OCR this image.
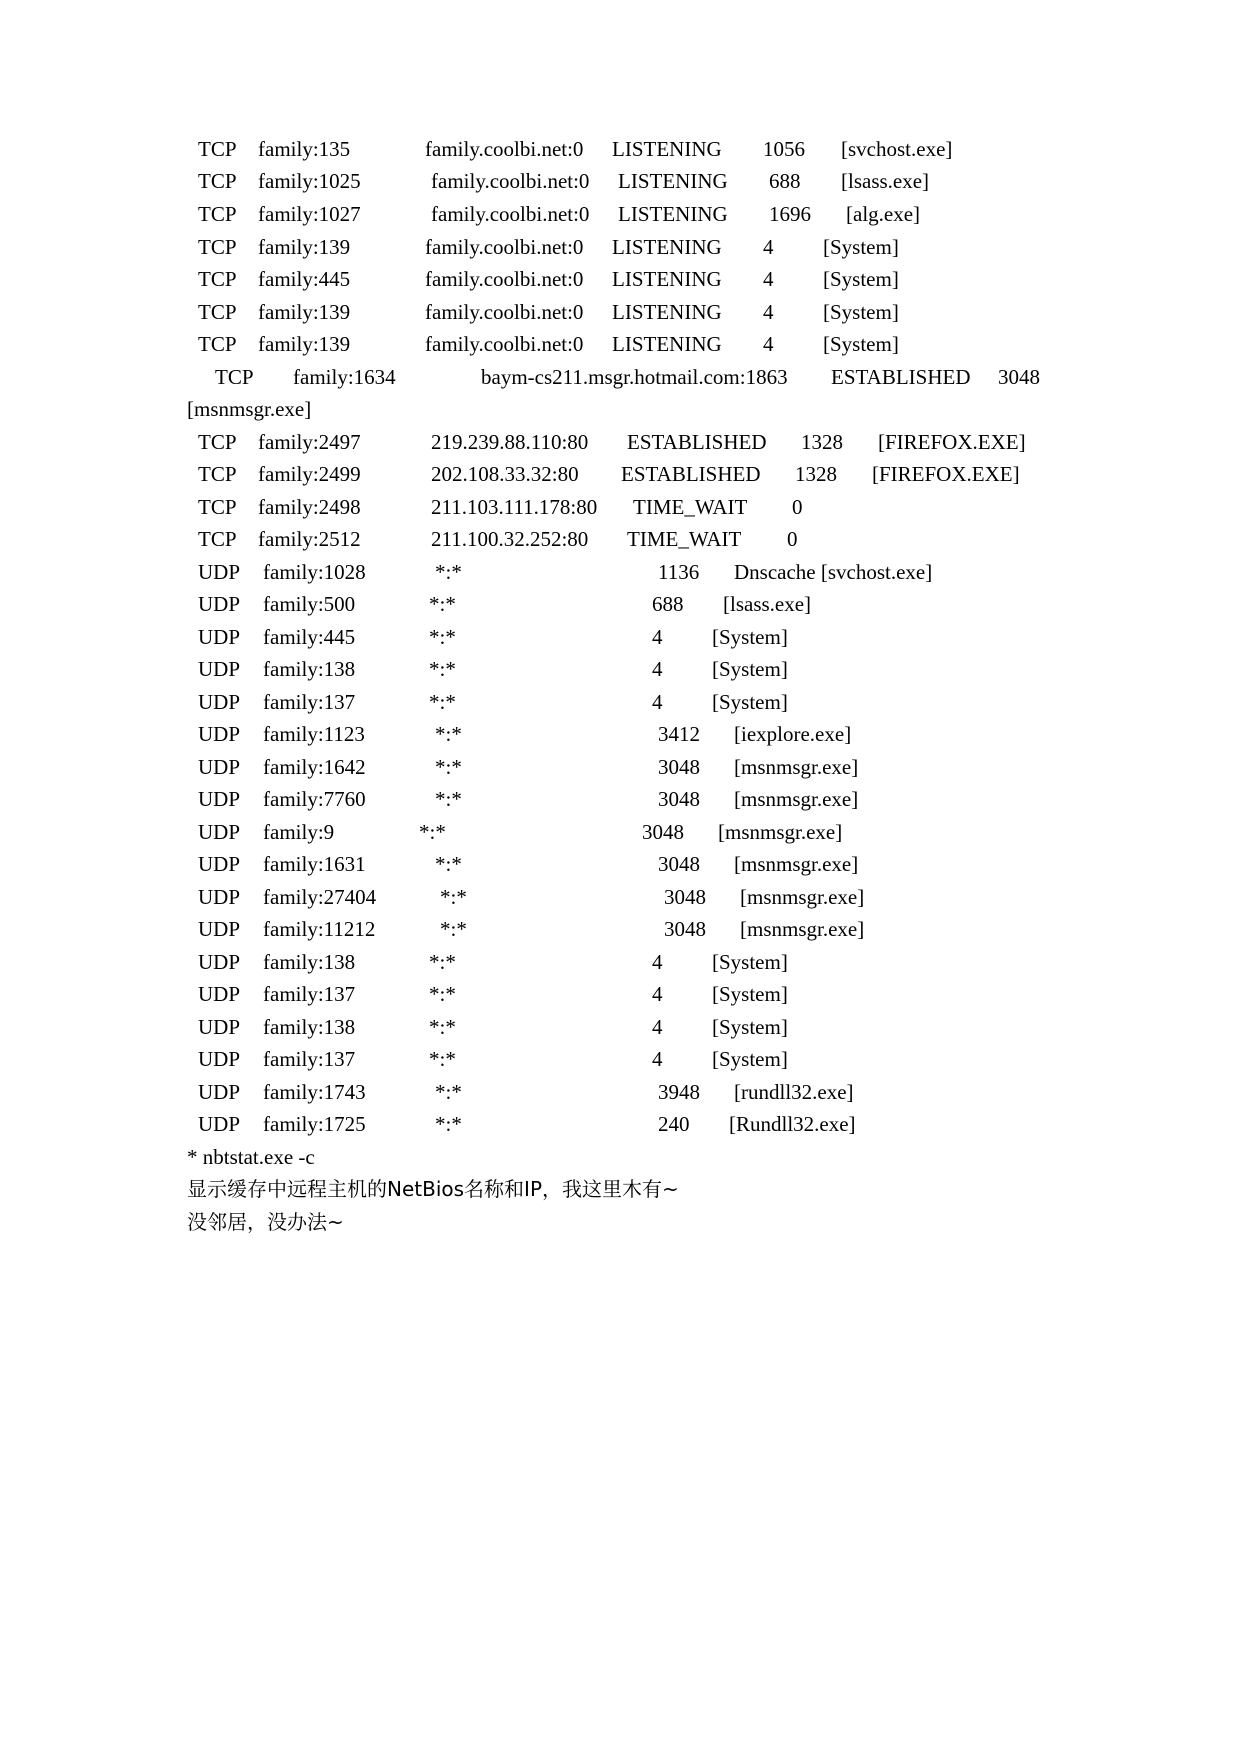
TCP family:135	family.coolbi.net:0 LISTENING 1056 [svchost.exe]
TCP family:1025	family.coolbi.net:0 LISTENING 688 [lsass.exe]
TCP family:1027	family.coolbi.net:0 LISTENING 1696 [alg.exe]
TCP family:139	family.coolbi.net:0 LISTENING 4 [System]
TCP family:445	family.coolbi.net:0 LISTENING 4 [System]
TCP family:139	family.coolbi.net:0 LISTENING 4 [System]
TCP family:139	family.coolbi.net:0 LISTENING 4 [System]
TCP family:1634	baym-cs211.msgr.hotmail.com:1863 ESTABLISHED 3048
[msnmsgr.exe]
TCP family:2497	219.239.88.110:80 ESTABLISHED 1328 [FIREFOX.EXE]
TCP family:2499	202.108.33.32:80 ESTABLISHED 1328 [FIREFOX.EXE]
TCP family:2498	211.103.111.178:80 TIME_WAIT 0
TCP family:2512	211.100.32.252:80 TIME_WAIT 0
UDP family:1028	*:*	1136 Dnscache [svchost.exe]
UDP family:500	*:*	688 [lsass.exe]
UDP family:445	*:*	4 [System]
UDP family:138	*:*	4 [System]
UDP family:137	*:*	4 [System]
UDP family:1123	*:*	3412 [iexplore.exe]
UDP family:1642	*:*	3048 [msnmsgr.exe]
UDP family:7760	*:*	3048 [msnmsgr.exe]
UDP family:9	*:*	3048 [msnmsgr.exe]
UDP family:1631	*:*	3048 [msnmsgr.exe]
UDP family:27404	*:*	3048 [msnmsgr.exe]
UDP family:11212	*:*	3048 [msnmsgr.exe]
UDP family:138	*:*	4 [System]
UDP family:137	*:*	4 [System]
UDP family:138	*:*	4 [System]
UDP family:137	*:*	4 [System]
UDP family:1743	*:*	3948 [rundll32.exe]
UDP family:1725	*:*	240 [Rundll32.exe]
* nbtstat.exe -c
显示缓存中远程主机的NetBios名称和IP，我这里木有~
没邻居，没办法~
